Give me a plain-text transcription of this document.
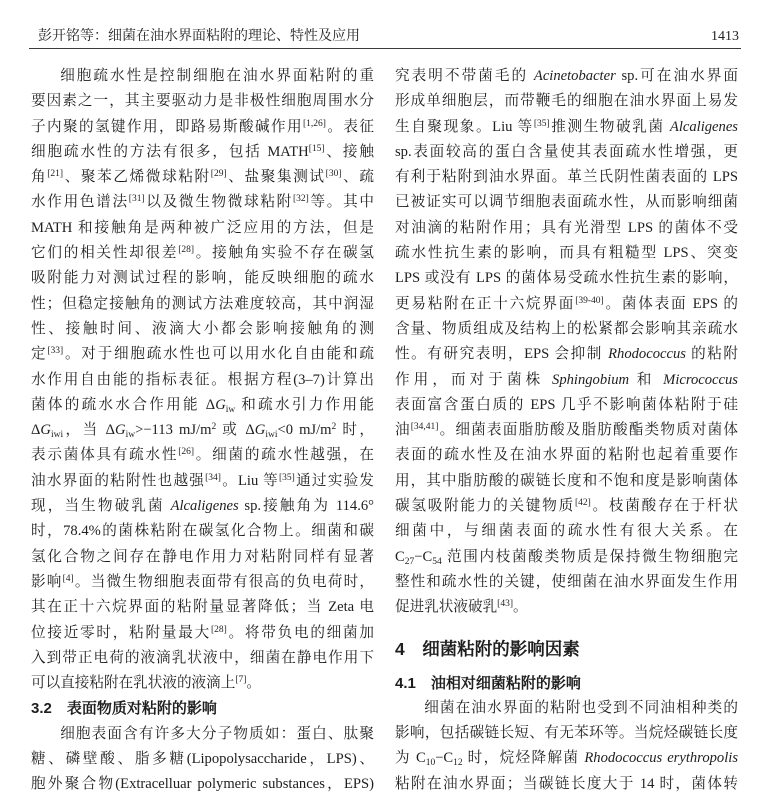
彭开铭等：细菌在油水界面粘附的理论、特性及应用	1413
细胞疏水性是控制细胞在油水界面粘附的重
要因素之一，其主要驱动力是非极性细胞周围水分
子内聚的氢键作用，即路易斯酸碱作用[1,26]。表征
细胞疏水性的方法有很多，包括 MATH[15]、接触
角[21]、聚苯乙烯微球粘附[29]、盐聚集测试[30]、疏
水作用色谱法[31]以及微生物微球粘附[32]等。其中
MATH 和接触角是两种被广泛应用的方法，但是
它们的相关性却很差[28]。接触角实验不存在碳氢
吸附能力对测试过程的影响，能反映细胞的疏水
性；但稳定接触角的测试方法难度较高，其中润湿
性、接触时间、液滴大小都会影响接触角的测
定[33]。对于细胞疏水性也可以用水化自由能和疏
水作用自由能的指标表征。根据方程(3–7)计算出
菌体的疏水水合作用能 $\Delta G_{iw}$ 和疏水引力作用能
$\Delta G_{iwi}$，当 $\Delta G_{iw}>-113$ $mJ/m^2$ 或 $\Delta G_{iwi}<0$ $mJ/m^2$ 时，
表示菌体具有疏水性[26]。细菌的疏水性越强，在
油水界面的粘附性也越强[34]。Liu 等[35]通过实验发
现，当生物破乳菌 Alcaligenes sp.接触角为 114.6°
时，78.4%的菌株粘附在碳氢化合物上。细菌和碳
氢化合物之间存在静电作用力对粘附同样有显著
影响[4]。当微生物细胞表面带有很高的负电荷时，
其在正十六烷界面的粘附量显著降低；当 Zeta 电
位接近零时，粘附量最大[28]。将带负电的细菌加
入到带正电荷的液滴乳状液中，细菌在静电作用下
可以直接粘附在乳状液的液滴上[7]。
3.2　表面物质对粘附的影响
细胞表面含有许多大分子物质如：蛋白、肽聚
糖、磷壁酸、脂多糖(Lipopolysaccharide，LPS)、
胞外聚合物(Extracelluar polymeric substances，EPS)
究表明不带菌毛的 Acinetobacter sp.可在油水界面
形成单细胞层，而带鞭毛的细胞在油水界面上易发
生自聚现象。Liu 等[35]推测生物破乳菌 Alcaligenes
sp.表面较高的蛋白含量使其表面疏水性增强，更
有利于粘附到油水界面。革兰氏阴性菌表面的 LPS
已被证实可以调节细胞表面疏水性，从而影响细菌
对油滴的粘附作用；具有光滑型 LPS 的菌体不受
疏水性抗生素的影响，而具有粗糙型 LPS、突变
LPS 或没有 LPS 的菌体易受疏水性抗生素的影响，
更易粘附在正十六烷界面[39-40]。菌体表面 EPS 的
含量、物质组成及结构上的松紧都会影响其亲疏水
性。有研究表明，EPS 会抑制 Rhodococcus 的粘附
作用，而对于菌株 Sphingobium 和 Micrococcus
表面富含蛋白质的 EPS 几乎不影响菌体粘附于硅
油[34,41]。细菌表面脂肪酸及脂肪酸酯类物质对菌体
表面的疏水性及在油水界面的粘附也起着重要作
用，其中脂肪酸的碳链长度和不饱和度是影响菌体
碳氢吸附能力的关键物质[42]。枝菌酸存在于杆状
细菌中，与细菌表面的疏水性有很大关系。在
$C_{27}-C_{54}$ 范围内枝菌酸类物质是保持微生物细胞完
整性和疏水性的关键，使细菌在油水界面发生作用
促进乳状液破乳[43]。
4　细菌粘附的影响因素
4.1　油相对细菌粘附的影响
细菌在油水界面的粘附也受到不同油相种类的
影响，包括碳链长短、有无苯环等。当烷烃碳链长度
为 $C_{10}-C_{12}$ 时，烷烃降解菌 Rhodococcus erythropolis
粘附在油水界面；当碳链长度大于 14 时，菌体转
